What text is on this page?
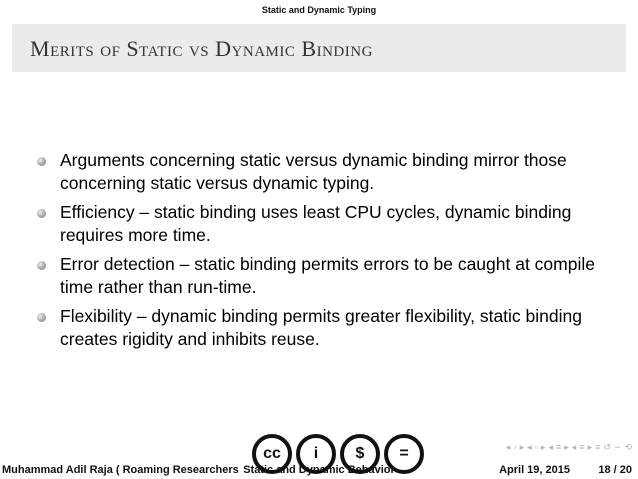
Static and Dynamic Typing
MERITS OF STATIC VS DYNAMIC BINDING
Arguments concerning static versus dynamic binding mirror those concerning static versus dynamic typing.
Efficiency – static binding uses least CPU cycles, dynamic binding requires more time.
Error detection – static binding permits errors to be caught at compile time rather than run-time.
Flexibility – dynamic binding permits greater flexibility, static binding creates rigidity and inhibits reuse.
cc	i	$	=	◂ ▫ ▸ ◂ ▫ ▸ ◂ ≡ ▸ ◂ ≡ ▸ ≡ ↺ ∽ ⟲
Muhammad Adil Raja ( Roaming Researchers Static and Dynamic Behavior	April 19, 2015	18 / 20
